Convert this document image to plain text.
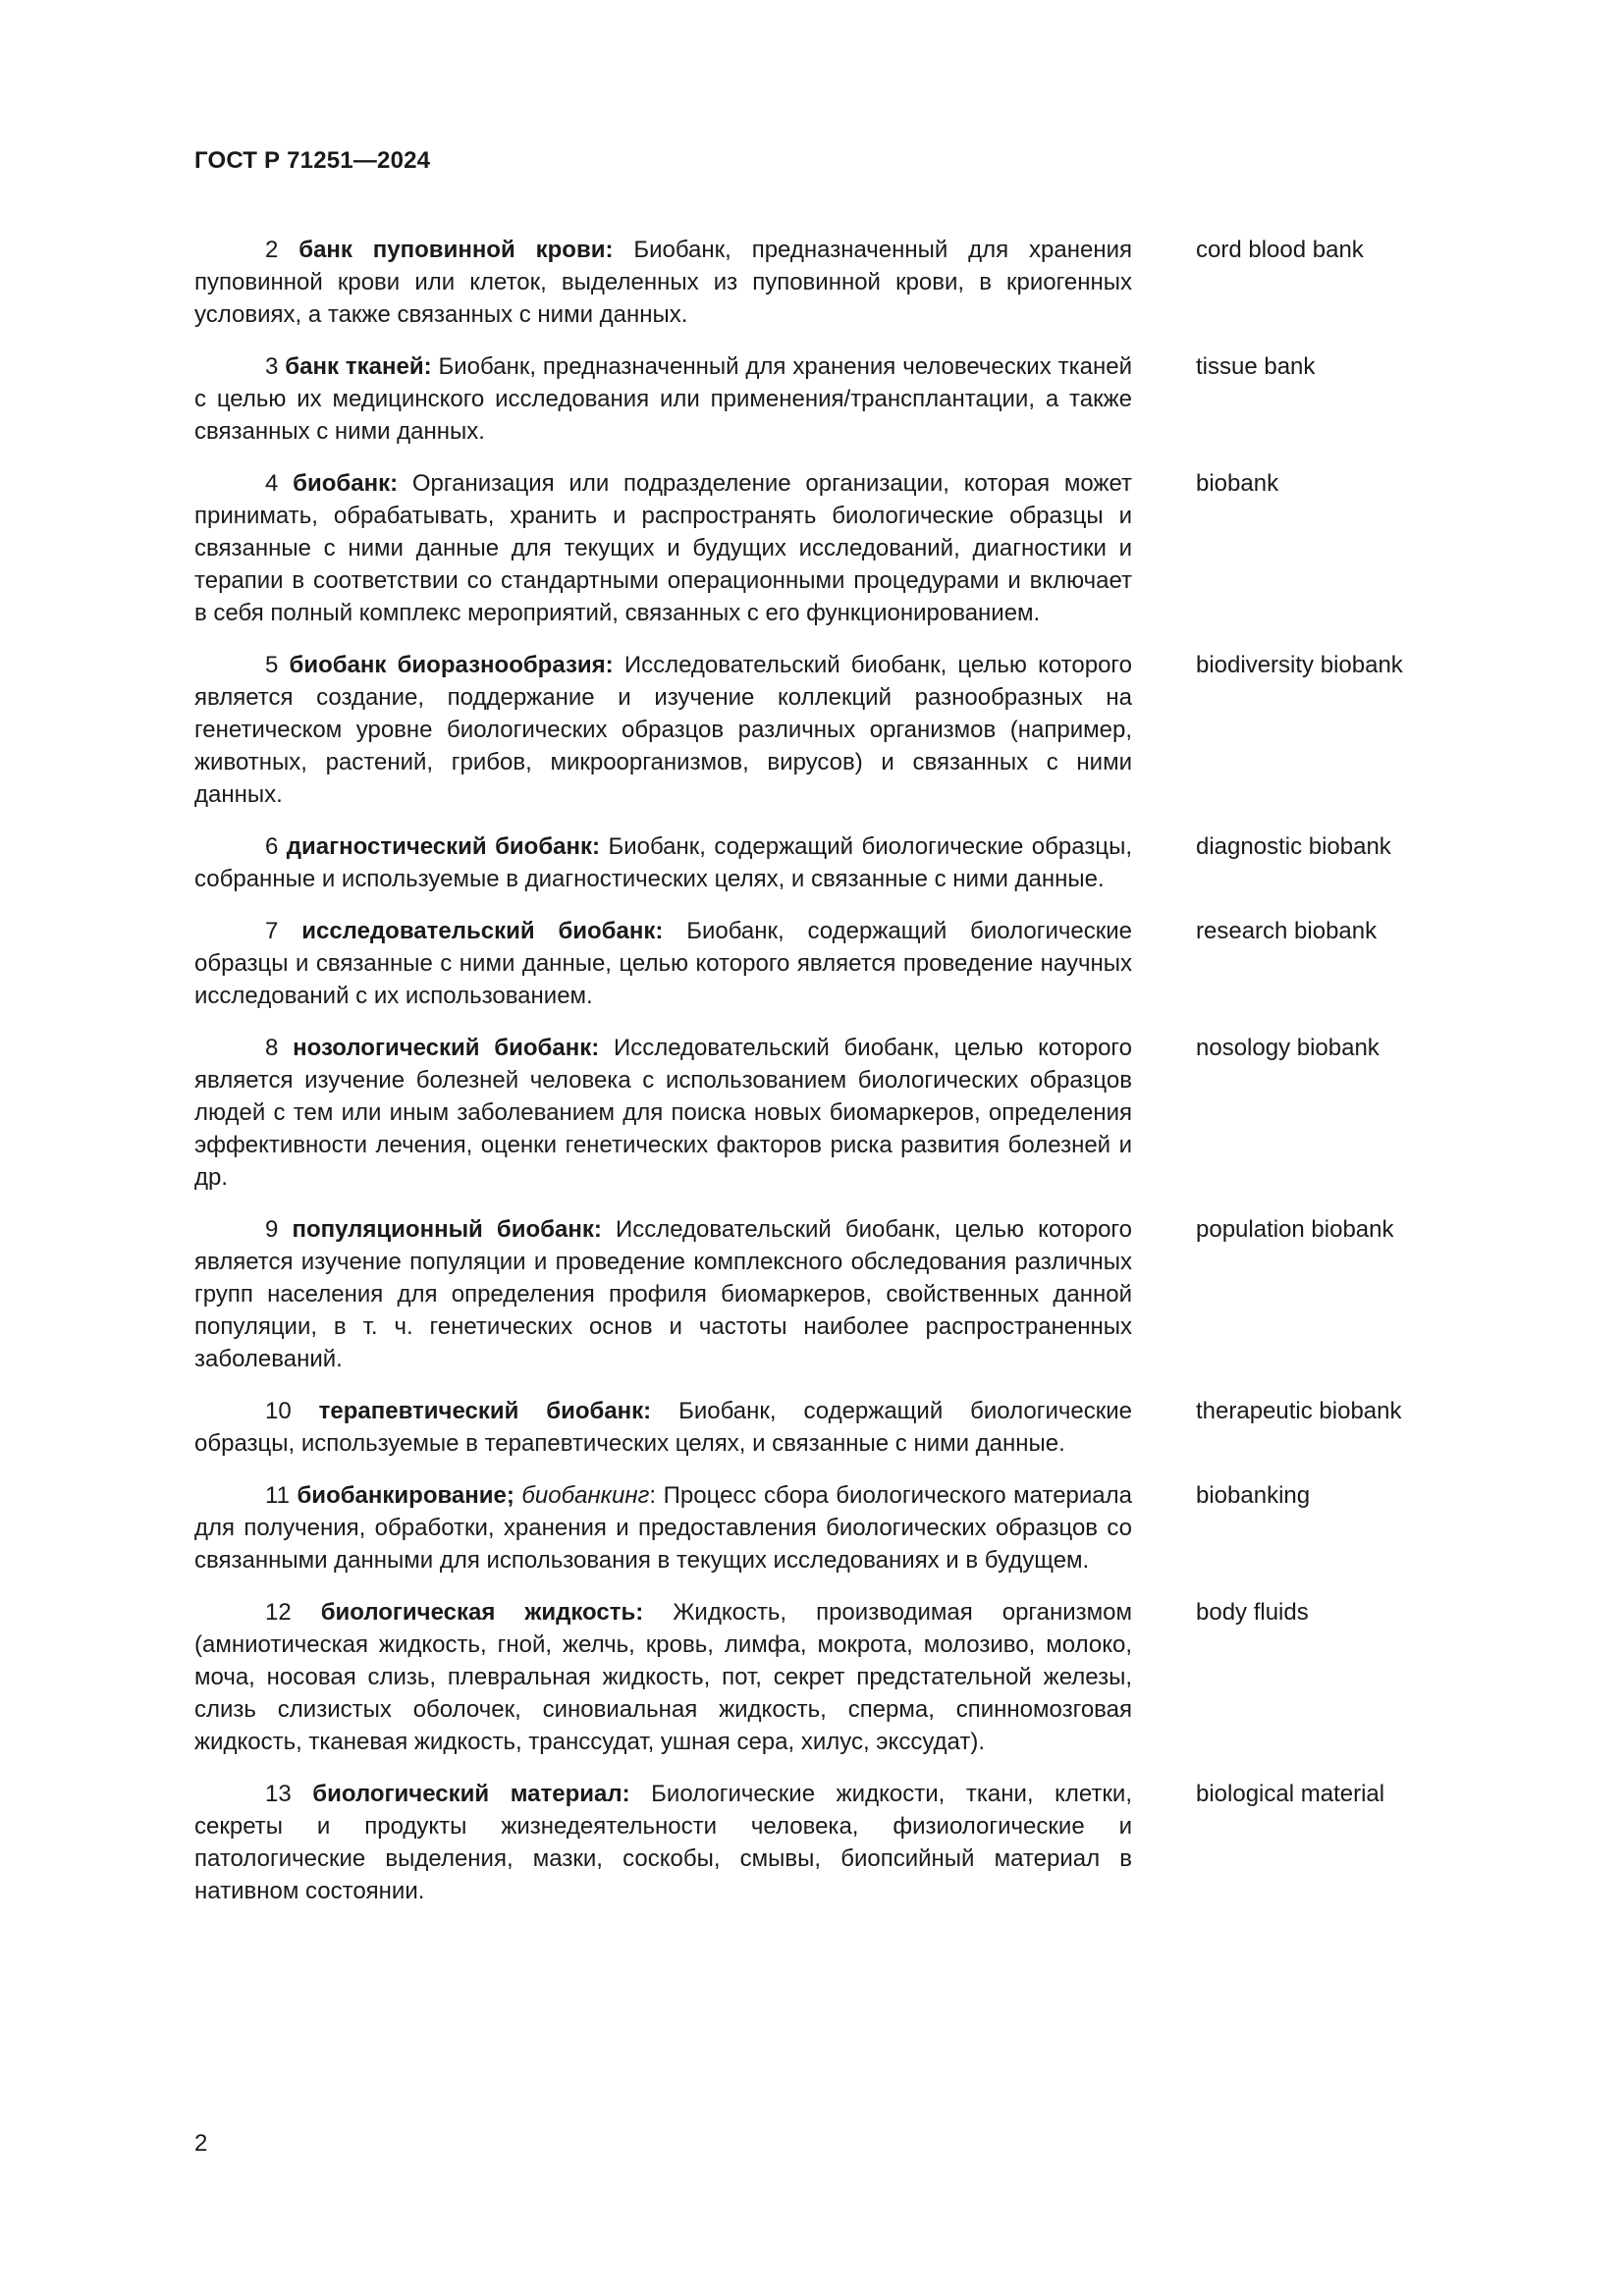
ГОСТ Р 71251—2024
2 банк пуповинной крови: Биобанк, предназначенный для хранения пуповинной крови или клеток, выделенных из пуповинной крови, в криогенных условиях, а также связанных с ними данных.
cord blood bank
3 банк тканей: Биобанк, предназначенный для хранения человеческих тканей с целью их медицинского исследования или применения/трансплантации, а также связанных с ними данных.
tissue bank
4 биобанк: Организация или подразделение организации, которая может принимать, обрабатывать, хранить и распространять биологические образцы и связанные с ними данные для текущих и будущих исследований, диагностики и терапии в соответствии со стандартными операционными процедурами и включает в себя полный комплекс мероприятий, связанных с его функционированием.
biobank
5 биобанк биоразнообразия: Исследовательский биобанк, целью которого является создание, поддержание и изучение коллекций разнообразных на генетическом уровне биологических образцов различных организмов (например, животных, растений, грибов, микроорганизмов, вирусов) и связанных с ними данных.
biodiversity biobank
6 диагностический биобанк: Биобанк, содержащий биологические образцы, собранные и используемые в диагностических целях, и связанные с ними данные.
diagnostic biobank
7 исследовательский биобанк: Биобанк, содержащий биологические образцы и связанные с ними данные, целью которого является проведение научных исследований с их использованием.
research biobank
8 нозологический биобанк: Исследовательский биобанк, целью которого является изучение болезней человека с использованием биологических образцов людей с тем или иным заболеванием для поиска новых биомаркеров, определения эффективности лечения, оценки генетических факторов риска развития болезней и др.
nosology biobank
9 популяционный биобанк: Исследовательский биобанк, целью которого является изучение популяции и проведение комплексного обследования различных групп населения для определения профиля биомаркеров, свойственных данной популяции, в т. ч. генетических основ и частоты наиболее распространенных заболеваний.
population biobank
10 терапевтический биобанк: Биобанк, содержащий биологические образцы, используемые в терапевтических целях, и связанные с ними данные.
therapeutic biobank
11 биобанкирование; биобанкинг: Процесс сбора биологического материала для получения, обработки, хранения и предоставления биологических образцов со связанными данными для использования в текущих исследованиях и в будущем.
biobanking
12 биологическая жидкость: Жидкость, производимая организмом (амниотическая жидкость, гной, желчь, кровь, лимфа, мокрота, молозиво, молоко, моча, носовая слизь, плевральная жидкость, пот, секрет предстательной железы, слизь слизистых оболочек, синовиальная жидкость, сперма, спинномозговая жидкость, тканевая жидкость, транссудат, ушная сера, хилус, экссудат).
body fluids
13 биологический материал: Биологические жидкости, ткани, клетки, секреты и продукты жизнедеятельности человека, физиологические и патологические выделения, мазки, соскобы, смывы, биопсийный материал в нативном состоянии.
biological material
2
